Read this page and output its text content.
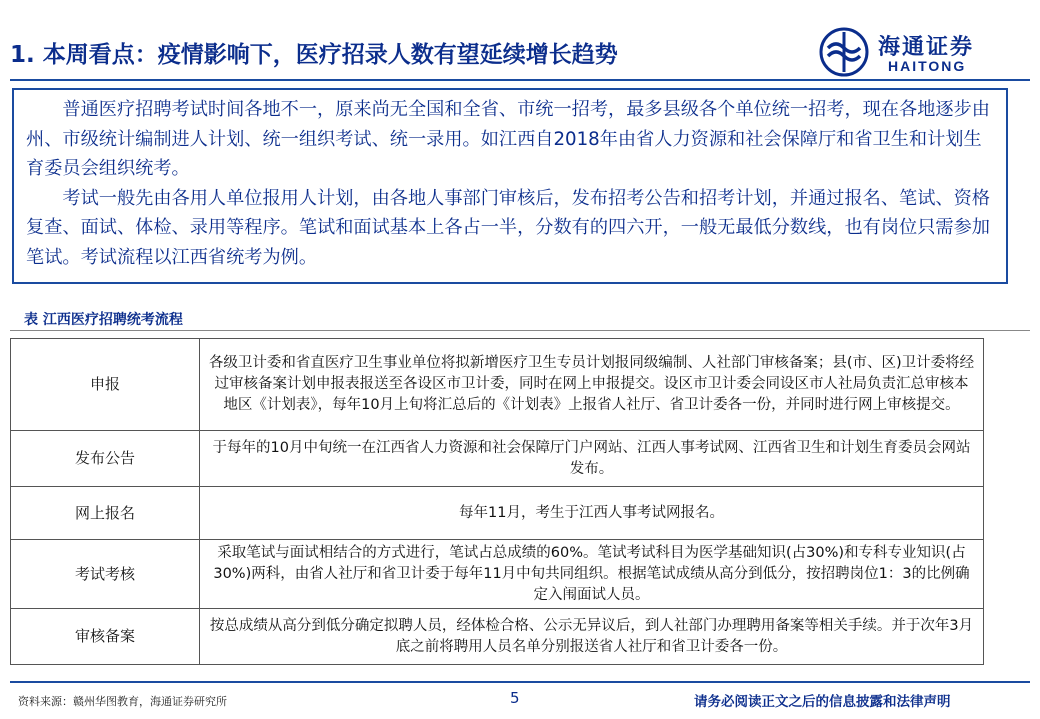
1. 本周看点：疫情影响下，医疗招录人数有望延续增长趋势	海通证券
HAITONG

普通医疗招聘考试时间各地不一，原来尚无全国和全省、市统一招考，最多县级各个单位统一招考，现在各地逐步由州、市级统计编制进人计划、统一组织考试、统一录用。如江西自2018年由省人力资源和社会保障厅和省卫生和计划生育委员会组织统考。

考试一般先由各用人单位报用人计划，由各地人事部门审核后，发布招考公告和招考计划，并通过报名、笔试、资格复查、面试、体检、录用等程序。笔试和面试基本上各占一半，分数有的四六开，一般无最低分数线，也有岗位只需参加笔试。考试流程以江西省统考为例。

表 江西医疗招聘统考流程
申报	各级卫计委和省直医疗卫生事业单位将拟新增医疗卫生专员计划报同级编制、人社部门审核备案；县(市、区)卫计委将经过审核备案计划申报表报送至各设区市卫计委，同时在网上申报提交。设区市卫计委会同设区市人社局负责汇总审核本地区《计划表》，每年10月上旬将汇总后的《计划表》上报省人社厅、省卫计委各一份，并同时进行网上审核提交。
发布公告	于每年的10月中旬统一在江西省人力资源和社会保障厅门户网站、江西人事考试网、江西省卫生和计划生育委员会网站发布。
网上报名	每年11月，考生于江西人事考试网报名。
考试考核	采取笔试与面试相结合的方式进行，笔试占总成绩的60%。笔试考试科目为医学基础知识(占30%)和专科专业知识(占30%)两科，由省人社厅和省卫计委于每年11月中旬共同组织。根据笔试成绩从高分到低分，按招聘岗位1：3的比例确定入闱面试人员。
审核备案	按总成绩从高分到低分确定拟聘人员，经体检合格、公示无异议后，到人社部门办理聘用备案等相关手续。并于次年3月底之前将聘用人员名单分别报送省人社厅和省卫计委各一份。
资料来源：赣州华图教育，海通证券研究所	5	请务必阅读正文之后的信息披露和法律声明
